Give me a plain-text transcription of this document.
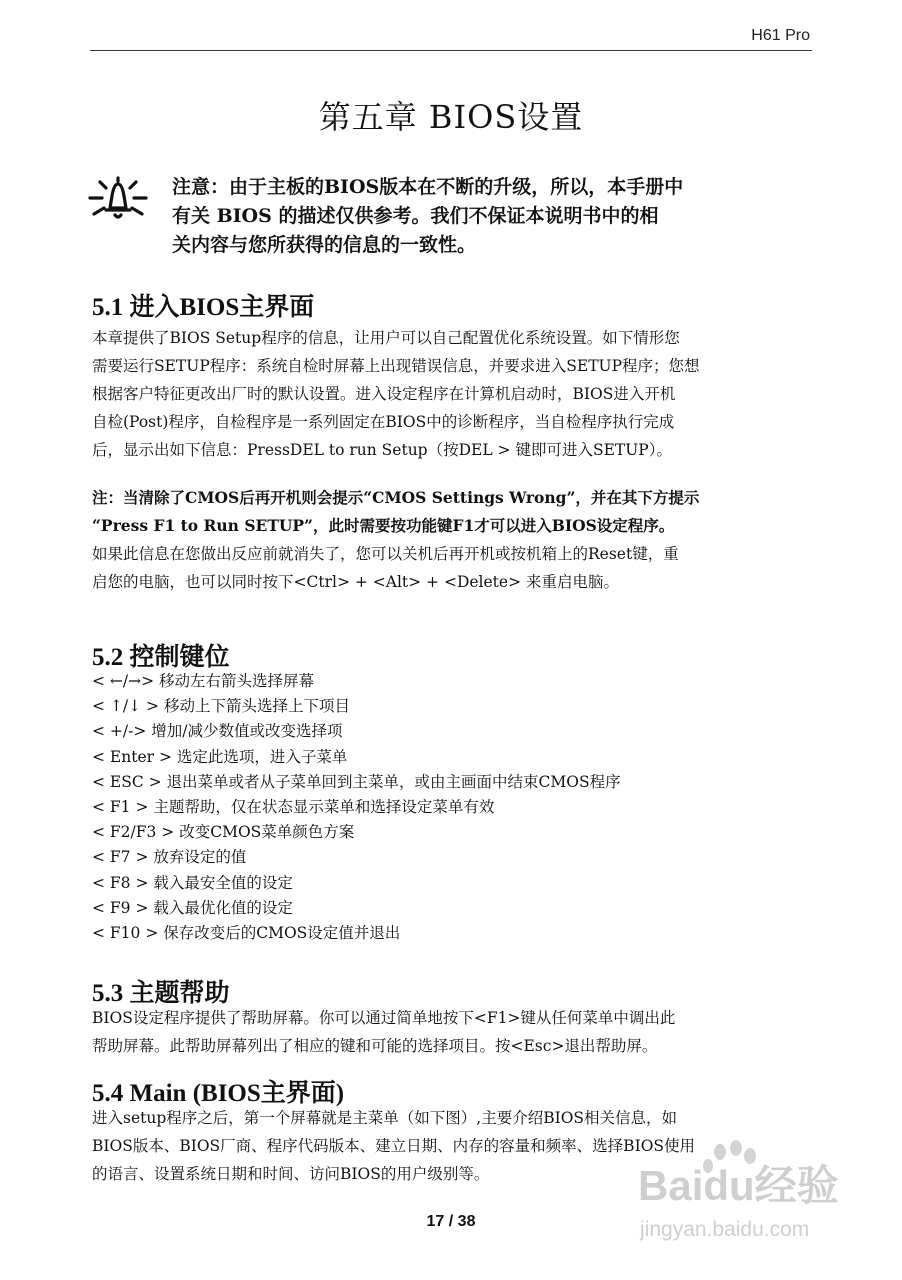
H61 Pro
第五章 BIOS设置
注意：由于主板的BIOS版本在不断的升级，所以，本手册中
有关 BIOS 的描述仅供参考。我们不保证本说明书中的相
关内容与您所获得的信息的一致性。
5.1 进入BIOS主界面
本章提供了BIOS Setup程序的信息，让用户可以自己配置优化系统设置。如下情形您
需要运行SETUP程序：系统自检时屏幕上出现错误信息，并要求进入SETUP程序；您想
根据客户特征更改出厂时的默认设置。进入设定程序在计算机启动时，BIOS进入开机
自检(Post)程序，自检程序是一系列固定在BIOS中的诊断程序，当自检程序执行完成
后，显示出如下信息：PressDEL to run Setup（按DEL > 键即可进入SETUP）。
注：当清除了CMOS后再开机则会提示“CMOS Settings Wrong”，并在其下方提示
“Press F1 to Run SETUP”，此时需要按功能键F1才可以进入BIOS设定程序。
如果此信息在您做出反应前就消失了，您可以关机后再开机或按机箱上的Reset键，重
启您的电脑，也可以同时按下<Ctrl> + <Alt> + <Delete> 来重启电脑。
5.2 控制键位
< ←/→> 移动左右箭头选择屏幕
< ↑/↓ > 移动上下箭头选择上下项目
< +/-> 增加/减少数值或改变选择项
< Enter > 选定此选项，进入子菜单
< ESC > 退出菜单或者从子菜单回到主菜单，或由主画面中结束CMOS程序
< F1 > 主题帮助，仅在状态显示菜单和选择设定菜单有效
< F2/F3 > 改变CMOS菜单颜色方案
< F7 > 放弃设定的值
< F8 > 载入最安全值的设定
< F9 > 载入最优化值的设定
< F10 > 保存改变后的CMOS设定值并退出
5.3 主题帮助
BIOS设定程序提供了帮助屏幕。你可以通过简单地按下<F1>键从任何菜单中调出此
帮助屏幕。此帮助屏幕列出了相应的键和可能的选择项目。按<Esc>退出帮助屏。
5.4 Main (BIOS主界面)
进入setup程序之后，第一个屏幕就是主菜单（如下图）,主要介绍BIOS相关信息，如
BIOS版本、BIOS厂商、程序代码版本、建立日期、内存的容量和频率、选择BIOS使用
的语言、设置系统日期和时间、访问BIOS的用户级别等。
17 / 38
Baidu经验
jingyan.baidu.com
